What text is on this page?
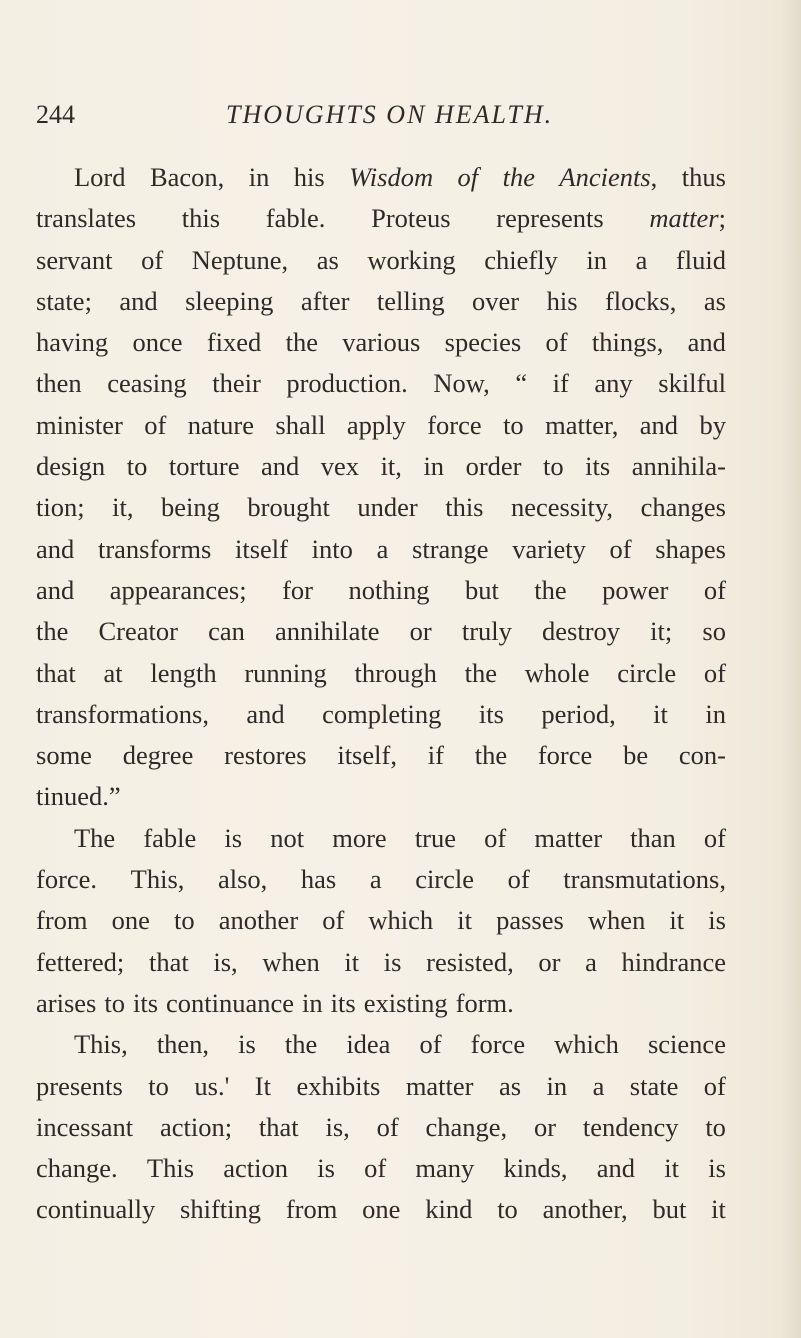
244	THOUGHTS ON HEALTH.
Lord Bacon, in his Wisdom of the Ancients, thus
translates this fable. Proteus represents matter;
servant of Neptune, as working chiefly in a fluid
state; and sleeping after telling over his flocks, as
having once fixed the various species of things, and
then ceasing their production. Now, “ if any skilful
minister of nature shall apply force to matter, and by
design to torture and vex it, in order to its annihila-
tion; it, being brought under this necessity, changes
and transforms itself into a strange variety of shapes
and appearances; for nothing but the power of
the Creator can annihilate or truly destroy it; so
that at length running through the whole circle of
transformations, and completing its period, it in
some degree restores itself, if the force be con-
tinued.”
The fable is not more true of matter than of
force. This, also, has a circle of transmutations,
from one to another of which it passes when it is
fettered; that is, when it is resisted, or a hindrance
arises to its continuance in its existing form.
This, then, is the idea of force which science
presents to us.' It exhibits matter as in a state of
incessant action; that is, of change, or tendency to
change. This action is of many kinds, and it is
continually shifting from one kind to another, but it
